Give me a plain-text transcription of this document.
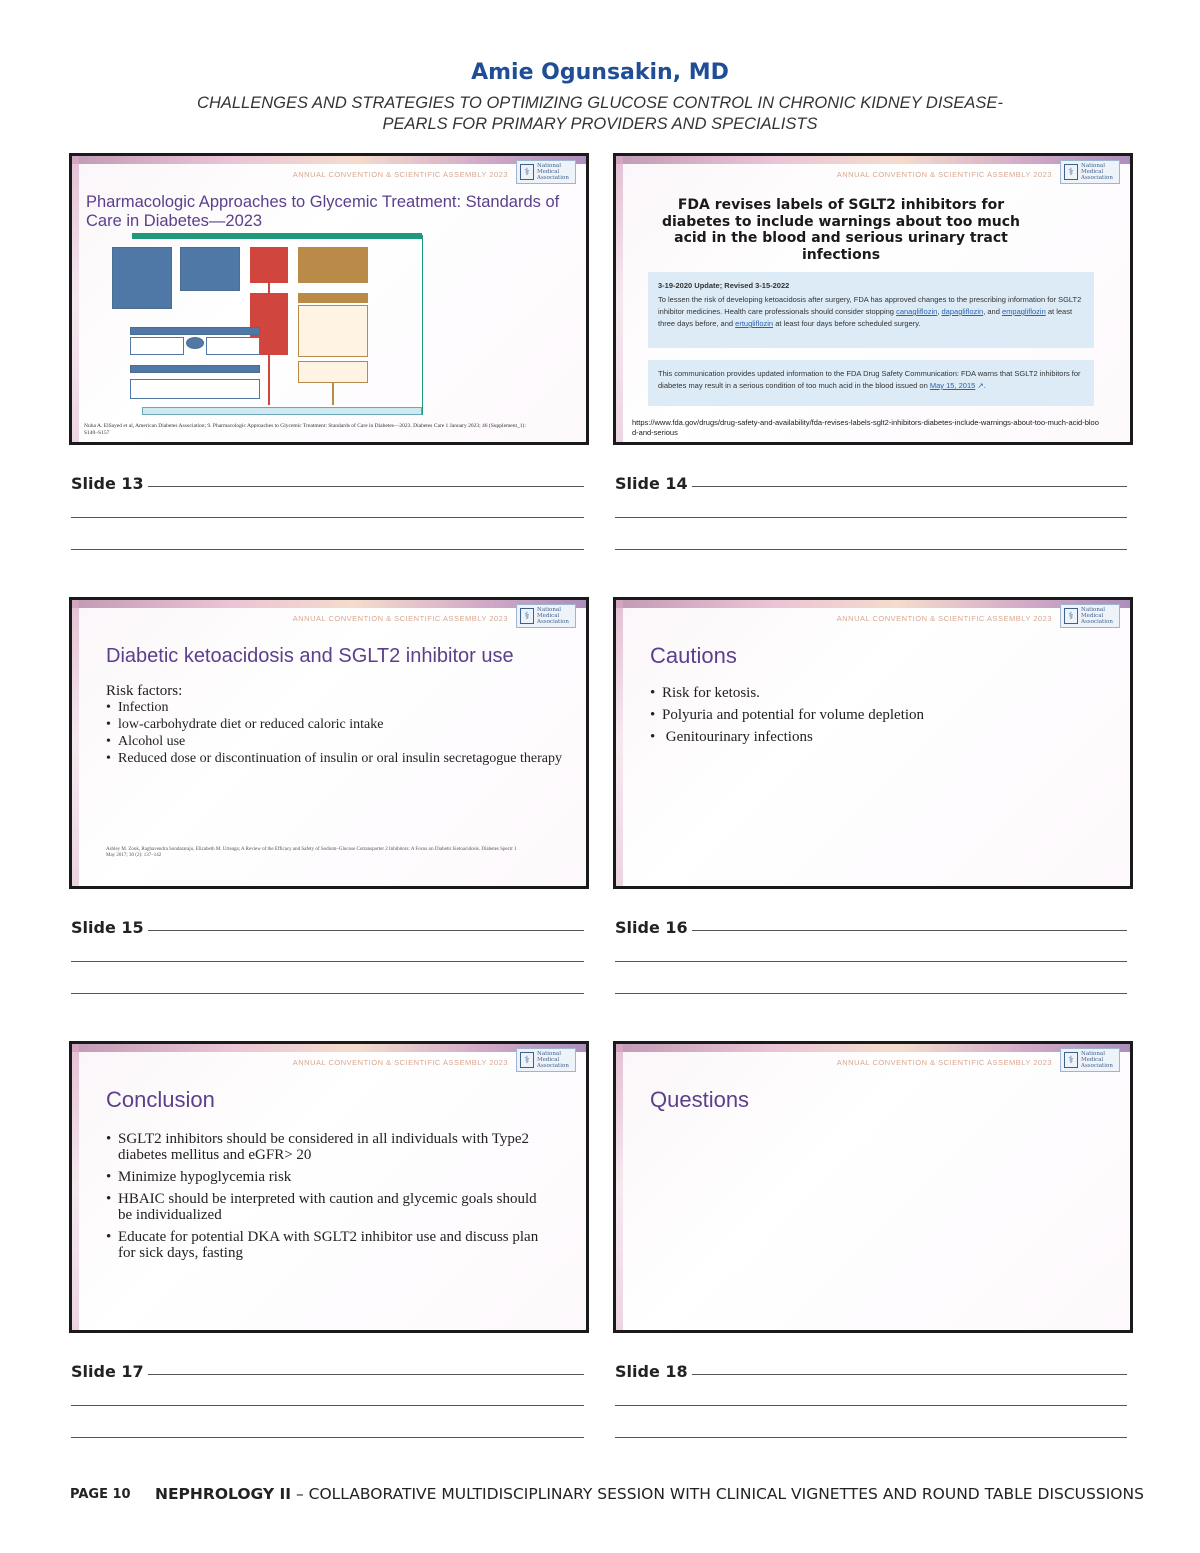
Amie Ogunsakin, MD
CHALLENGES AND STRATEGIES TO OPTIMIZING GLUCOSE CONTROL IN CHRONIC KIDNEY DISEASE-
PEARLS FOR PRIMARY PROVIDERS AND SPECIALISTS
ANNUAL CONVENTION & SCIENTIFIC ASSEMBLY 2023	⚕
National
Medical
Association
Pharmacologic Approaches to Glycemic Treatment: Standards of Care in Diabetes—2023
Nuha A. ElSayed et al, American Diabetes Association; 9. Pharmacologic Approaches to Glycemic Treatment: Standards of Care in Diabetes—2023. Diabetes Care 1 January 2023; 46 (Supplement_1): S140–S157
Slide 13
ANNUAL CONVENTION & SCIENTIFIC ASSEMBLY 2023	⚕
National
Medical
Association
FDA revises labels of SGLT2 inhibitors for diabetes to include warnings about too much acid in the blood and serious urinary tract infections
3-19-2020 Update; Revised 3-15-2022
To lessen the risk of developing ketoacidosis after surgery, FDA has approved changes to the prescribing information for SGLT2 inhibitor medicines. Health care professionals should consider stopping canagliflozin, dapagliflozin, and empagliflozin at least three days before, and ertugliflozin at least four days before scheduled surgery.
This communication provides updated information to the FDA Drug Safety Communication: FDA warns that SGLT2 inhibitors for diabetes may result in a serious condition of too much acid in the blood issued on May 15, 2015 ↗.
https://www.fda.gov/drugs/drug-safety-and-availability/fda-revises-labels-sglt2-inhibitors-diabetes-include-warnings-about-too-much-acid-blood-and-serious
Slide 14
ANNUAL CONVENTION & SCIENTIFIC ASSEMBLY 2023	⚕
National
Medical
Association
Diabetic ketoacidosis and SGLT2 inhibitor use
Risk factors:
• Infection
• low-carbohydrate diet or reduced caloric intake
• Alcohol use
• Reduced dose or discontinuation of insulin or oral insulin secretagogue therapy
Ashley M. Zook, Raghavendra Sundararaju, Elizabeth M. Urteaga; A Review of the Efficacy and Safety of Sodium–Glucose Cotransporter 2 Inhibitors: A Focus on Diabetic Ketoacidosis. Diabetes Spectr 1 May 2017; 30 (2): 137–142
Slide 15
ANNUAL CONVENTION & SCIENTIFIC ASSEMBLY 2023	⚕
National
Medical
Association
Cautions
• Risk for ketosis.
• Polyuria and potential for volume depletion
•  Genitourinary infections
Slide 16
ANNUAL CONVENTION & SCIENTIFIC ASSEMBLY 2023	⚕
National
Medical
Association
Conclusion
• SGLT2 inhibitors should be considered in all individuals with Type2 diabetes mellitus and eGFR> 20
• Minimize hypoglycemia risk
• HBAIC should be interpreted with caution and glycemic goals should be individualized
• Educate for potential DKA with SGLT2 inhibitor use and discuss plan for sick days, fasting
Slide 17
ANNUAL CONVENTION & SCIENTIFIC ASSEMBLY 2023	⚕
National
Medical
Association
Questions
Slide 18
PAGE 10 NEPHROLOGY II – COLLABORATIVE MULTIDISCIPLINARY SESSION WITH CLINICAL VIGNETTES AND ROUND TABLE DISCUSSIONS
